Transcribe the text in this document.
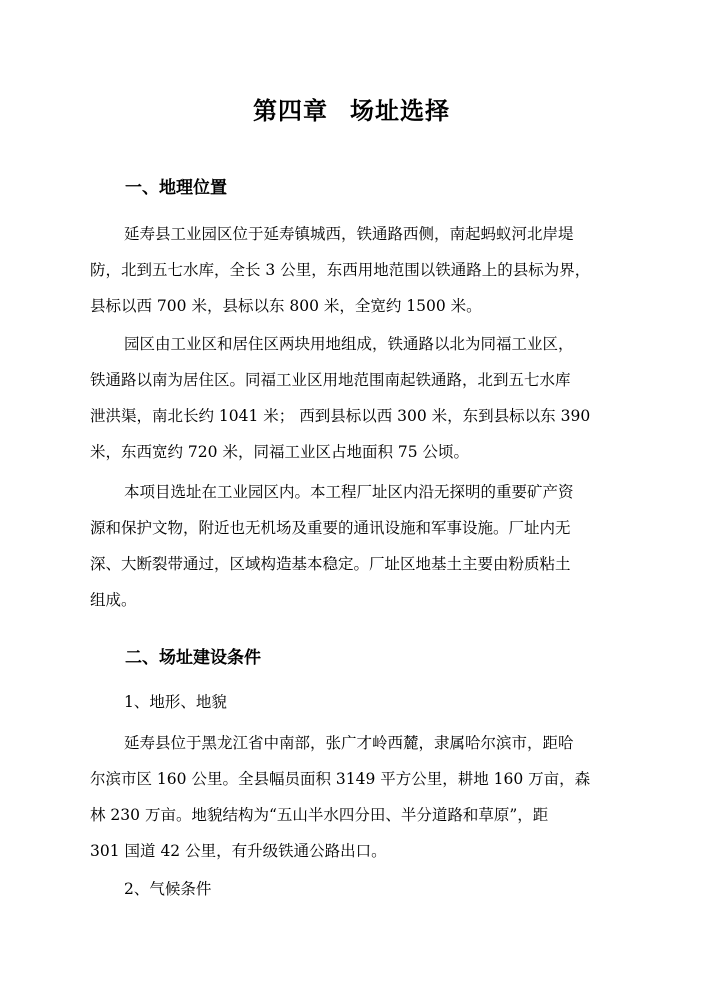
第四章 场址选择
一、地理位置
延寿县工业园区位于延寿镇城西，铁通路西侧，南起蚂蚁河北岸堤
防，北到五七水库，全长 3 公里，东西用地范围以铁通路上的县标为界，
县标以西 700 米，县标以东 800 米，全宽约 1500 米。
园区由工业区和居住区两块用地组成，铁通路以北为同福工业区，
铁通路以南为居住区。同福工业区用地范围南起铁通路，北到五七水库
泄洪渠，南北长约 1041 米； 西到县标以西 300 米，东到县标以东 390
米，东西宽约 720 米，同福工业区占地面积 75 公顷。
本项目选址在工业园区内。本工程厂址区内沿无探明的重要矿产资
源和保护文物，附近也无机场及重要的通讯设施和军事设施。厂址内无
深、大断裂带通过，区域构造基本稳定。厂址区地基土主要由粉质粘土
组成。
二、场址建设条件
1、地形、地貌
延寿县位于黑龙江省中南部，张广才岭西麓，隶属哈尔滨市，距哈
尔滨市区 160 公里。全县幅员面积 3149 平方公里，耕地 160 万亩，森
林 230 万亩。地貌结构为“五山半水四分田、半分道路和草原”，距
301 国道 42 公里，有升级铁通公路出口。
2、气候条件
